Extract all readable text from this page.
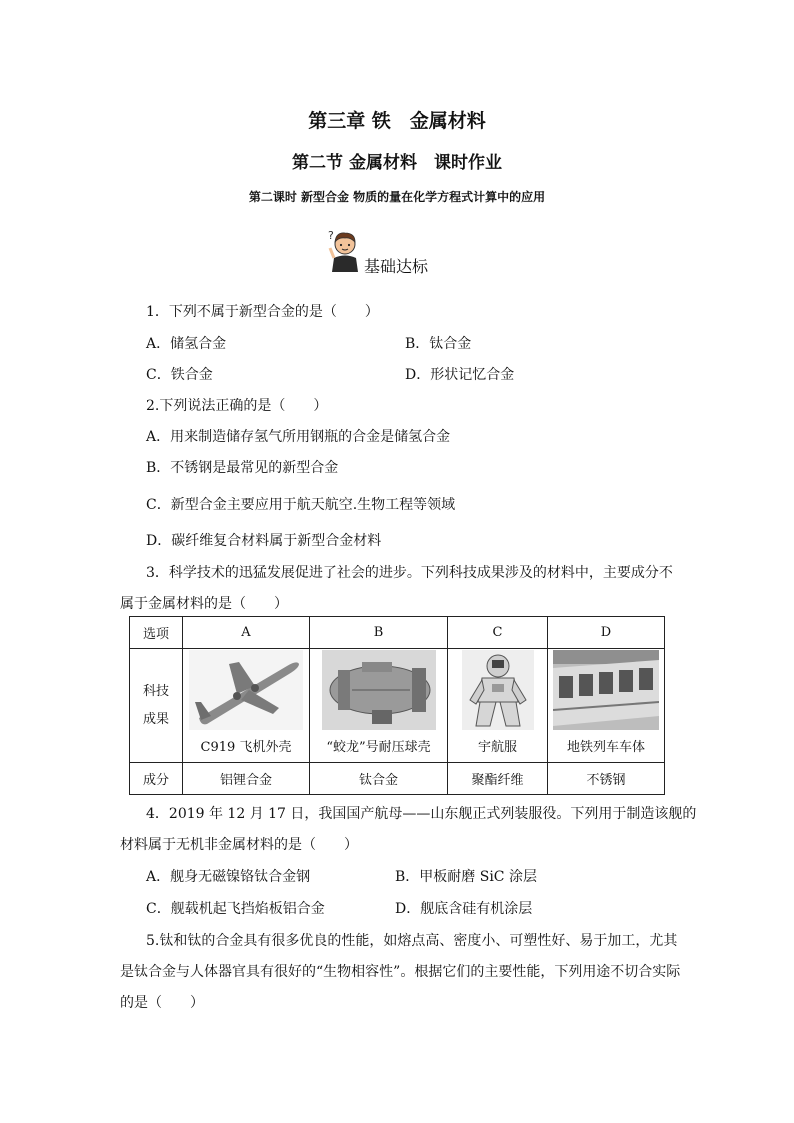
第三章 铁　金属材料
第二节 金属材料　课时作业
第二课时 新型合金 物质的量在化学方程式计算中的应用
?
基础达标
1．下列不属于新型合金的是（　　）
A．储氢合金	B．钛合金
C．铁合金	D．形状记忆合金
2.下列说法正确的是（　　）
A．用来制造储存氢气所用钢瓶的合金是储氢合金
B．不锈钢是最常见的新型合金
C．新型合金主要应用于航天航空.生物工程等领域
D．碳纤维复合材料属于新型合金材料
3．科学技术的迅猛发展促进了社会的进步。下列科技成果涉及的材料中，主要成分不
属于金属材料的是（　　）
选项	A	B	C	D

科技
成果	C919 飞机外壳	“蛟龙”号耐压球壳	宇航服	地铁列车车体

成分	铝锂合金	钛合金	聚酯纤维	不锈钢
4．2019 年 12 月 17 日，我国国产航母——山东舰正式列装服役。下列用于制造该舰的
材料属于无机非金属材料的是（　　）
A．舰身无磁镍铬钛合金钢	B．甲板耐磨 SiC 涂层
C．舰载机起飞挡焰板铝合金	D．舰底含硅有机涂层
5.钛和钛的合金具有很多优良的性能，如熔点高、密度小、可塑性好、易于加工，尤其
是钛合金与人体器官具有很好的“生物相容性”。根据它们的主要性能，下列用途不切合实际
的是（　　）
